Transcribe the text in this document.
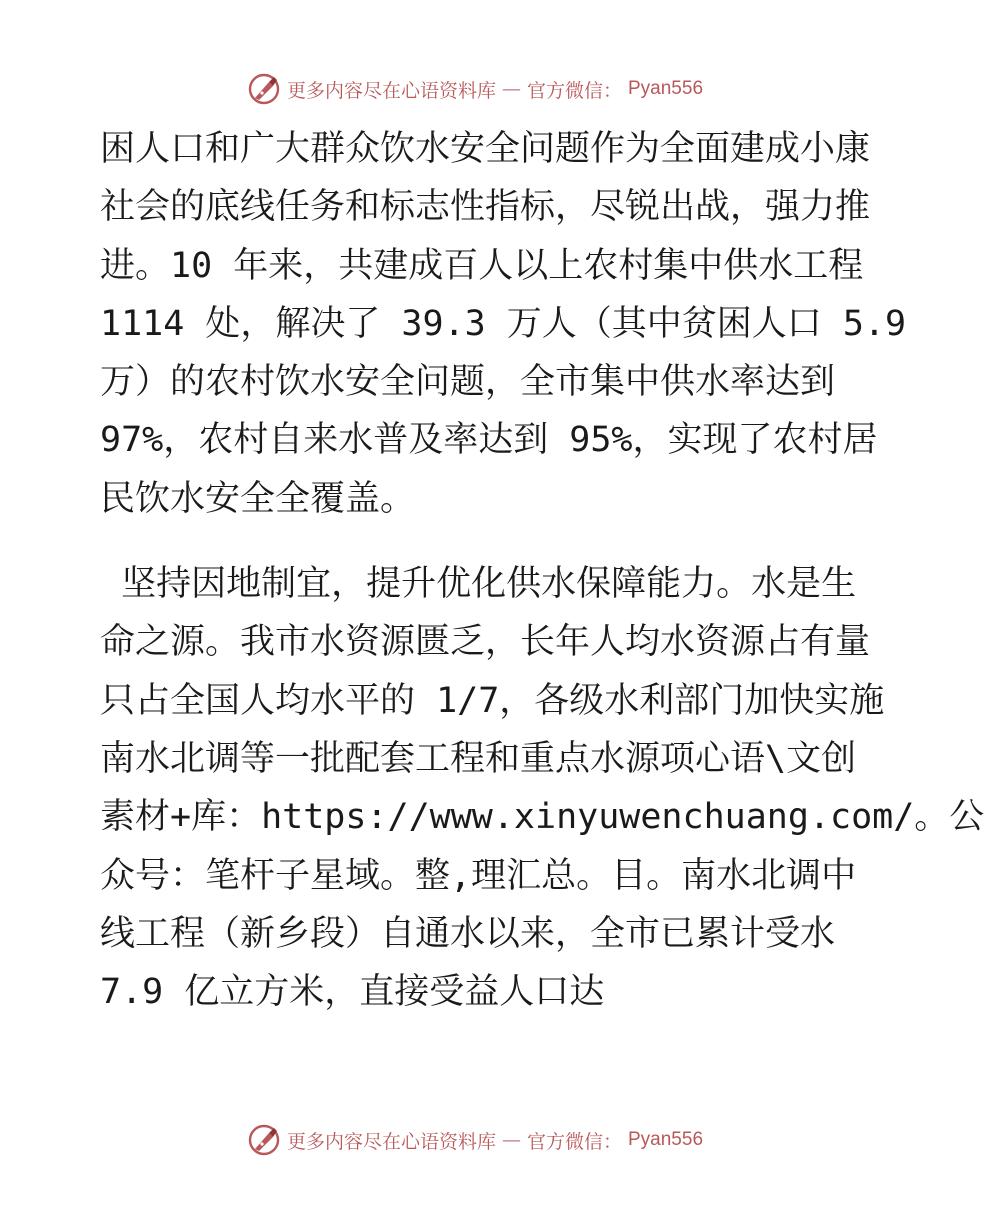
更多内容尽在心语资料库 — 官方微信： Pyan556
困人口和广大群众饮水安全问题作为全面建成小康
社会的底线任务和标志性指标，尽锐出战，强力推
进。10 年来，共建成百人以上农村集中供水工程
1114 处，解决了 39.3 万人（其中贫困人口 5.9
万）的农村饮水安全问题，全市集中供水率达到
97%，农村自来水普及率达到 95%，实现了农村居
民饮水安全全覆盖。
坚持因地制宜，提升优化供水保障能力。水是生
命之源。我市水资源匮乏，长年人均水资源占有量
只占全国人均水平的 1/7，各级水利部门加快实施
南水北调等一批配套工程和重点水源项心语\文创
素材+库：https://www.xinyuwenchuang.com/。公
众号：笔杆子星域。整,理汇总。目。南水北调中
线工程（新乡段）自通水以来，全市已累计受水
7.9 亿立方米，直接受益人口达
更多内容尽在心语资料库 — 官方微信： Pyan556
